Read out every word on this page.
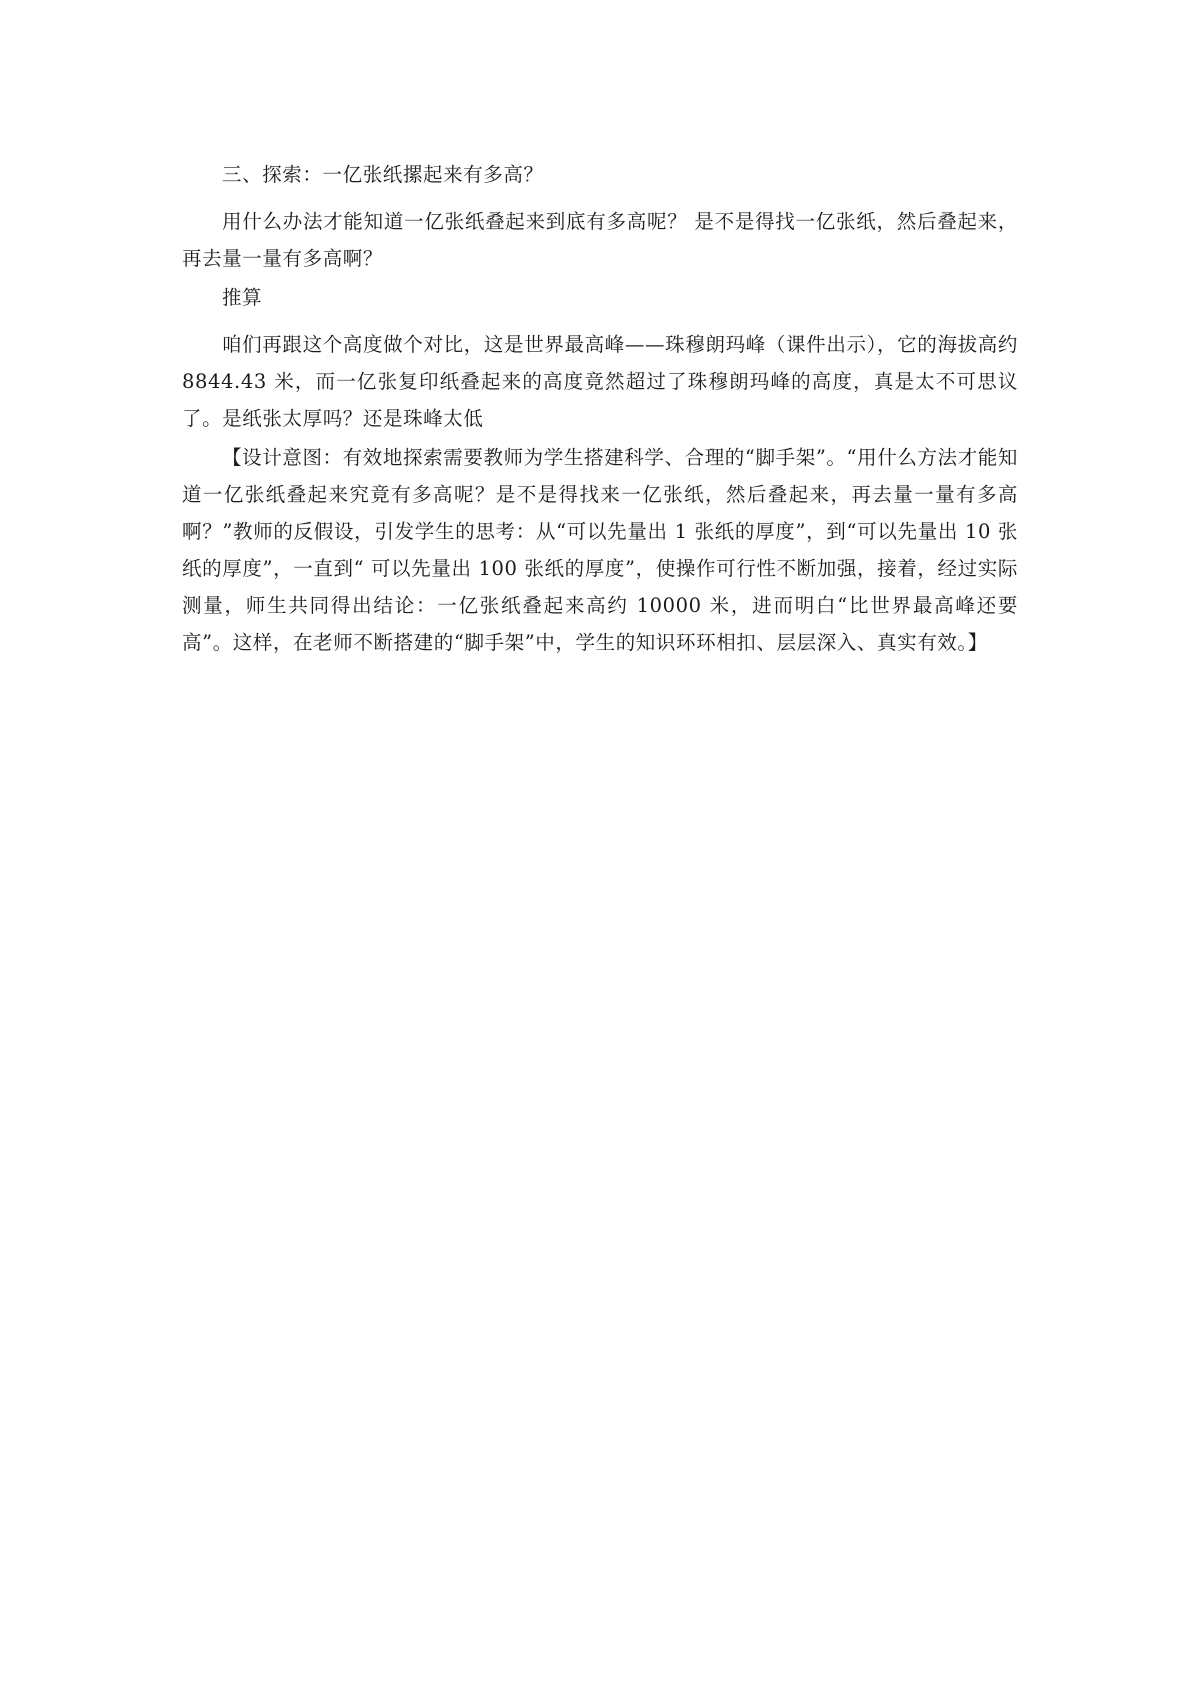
三、探索：一亿张纸摞起来有多高？

用什么办法才能知道一亿张纸叠起来到底有多高呢？ 是不是得找一亿张纸，然后叠起来，再去量一量有多高啊？

推算

咱们再跟这个高度做个对比，这是世界最高峰——珠穆朗玛峰（课件出示），它的海拔高约 8844.43 米，而一亿张复印纸叠起来的高度竟然超过了珠穆朗玛峰的高度，真是太不可思议了。是纸张太厚吗？还是珠峰太低

【设计意图：有效地探索需要教师为学生搭建科学、合理的“脚手架”。“用什么方法才能知道一亿张纸叠起来究竟有多高呢？是不是得找来一亿张纸，然后叠起来，再去量一量有多高啊？”教师的反假设，引发学生的思考：从“可以先量出 1 张纸的厚度”，到“可以先量出 10 张纸的厚度”，一直到“ 可以先量出 100 张纸的厚度”，使操作可行性不断加强，接着，经过实际测量，师生共同得出结论：一亿张纸叠起来高约 10000 米，进而明白“比世界最高峰还要高”。这样，在老师不断搭建的“脚手架”中，学生的知识环环相扣、层层深入、真实有效。】
